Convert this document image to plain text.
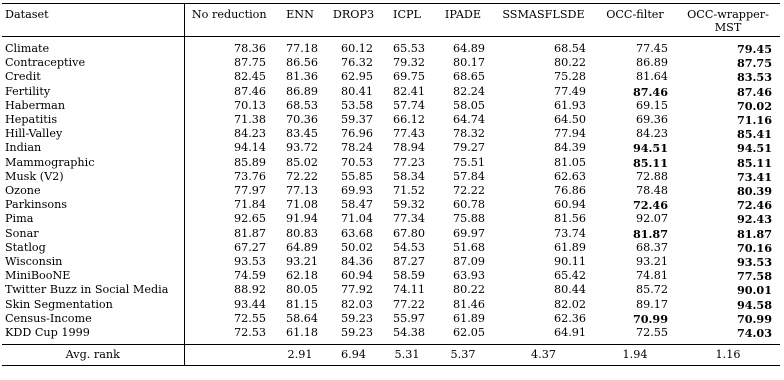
Dataset	No reduction	ENN	DROP3	ICPL	IPADE	SSMASFLSDE	OCC-filter	OCC-wrapper-MST
Climate	78.36	77.18	60.12	65.53	64.89	68.54	77.45	79.45
Contraceptive	87.75	86.56	76.32	79.32	80.17	80.22	86.89	87.75
Credit	82.45	81.36	62.95	69.75	68.65	75.28	81.64	83.53
Fertility	87.46	86.89	80.41	82.41	82.24	77.49	87.46	87.46
Haberman	70.13	68.53	53.58	57.74	58.05	61.93	69.15	70.02
Hepatitis	71.38	70.36	59.37	66.12	64.74	64.50	69.36	71.16
Hill-Valley	84.23	83.45	76.96	77.43	78.32	77.94	84.23	85.41
Indian	94.14	93.72	78.24	78.94	79.27	84.39	94.51	94.51
Mammographic	85.89	85.02	70.53	77.23	75.51	81.05	85.11	85.11
Musk (V2)	73.76	72.22	55.85	58.34	57.84	62.63	72.88	73.41
Ozone	77.97	77.13	69.93	71.52	72.22	76.86	78.48	80.39
Parkinsons	71.84	71.08	58.47	59.32	60.78	60.94	72.46	72.46
Pima	92.65	91.94	71.04	77.34	75.88	81.56	92.07	92.43
Sonar	81.87	80.83	63.68	67.80	69.97	73.74	81.87	81.87
Statlog	67.27	64.89	50.02	54.53	51.68	61.89	68.37	70.16
Wisconsin	93.53	93.21	84.36	87.27	87.09	90.11	93.21	93.53
MiniBooNE	74.59	62.18	60.94	58.59	63.93	65.42	74.81	77.58
Twitter Buzz in Social Media	88.92	80.05	77.92	74.11	80.22	80.44	85.72	90.01
Skin Segmentation	93.44	81.15	82.03	77.22	81.46	82.02	89.17	94.58
Census-Income	72.55	58.64	59.23	55.97	61.89	62.36	70.99	70.99
KDD Cup 1999	72.53	61.18	59.23	54.38	62.05	64.91	72.55	74.03
Avg. rank		2.91	6.94	5.31	5.37	4.37	1.94	1.16
